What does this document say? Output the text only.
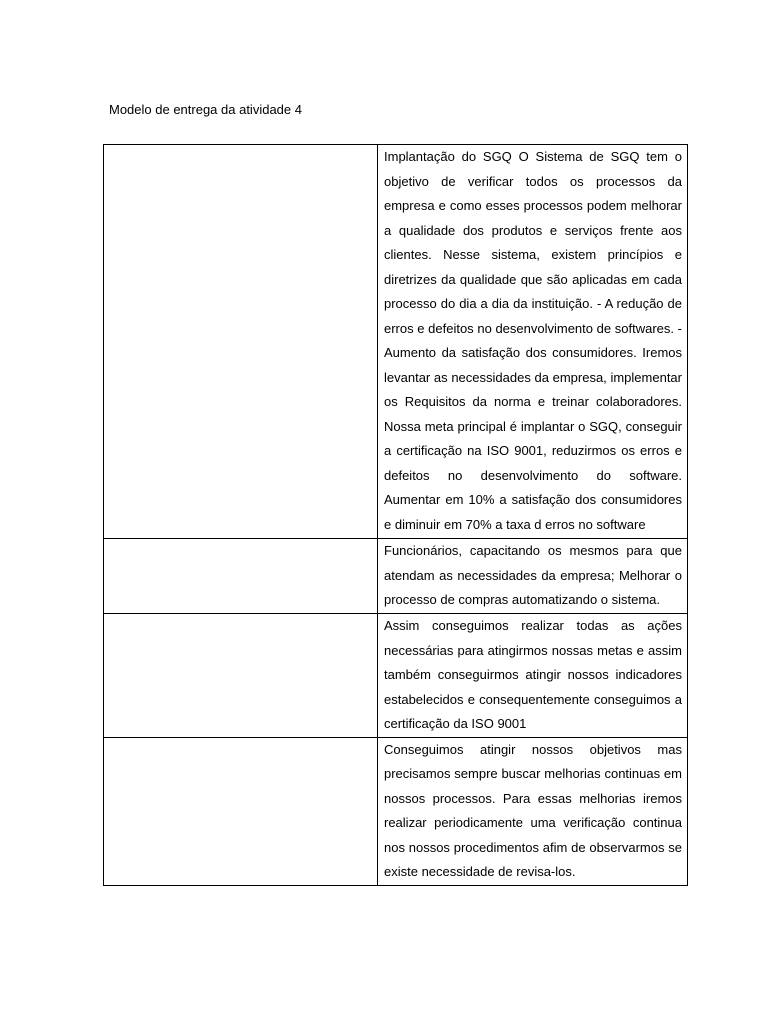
Modelo de entrega da atividade 4

	Implantação do SGQ O Sistema de SGQ tem o objetivo de verificar todos os processos da empresa e como esses processos podem melhorar a qualidade dos produtos e serviços frente aos clientes. Nesse sistema, existem princípios e diretrizes da qualidade que são aplicadas em cada processo do dia a dia da instituição. - A redução de erros e defeitos no desenvolvimento de softwares. - Aumento da satisfação dos consumidores. Iremos levantar as necessidades da empresa, implementar os Requisitos da norma e treinar colaboradores. Nossa meta principal é implantar o SGQ, conseguir a certificação na ISO 9001, reduzirmos os erros e defeitos no desenvolvimento do software. Aumentar em 10% a satisfação dos consumidores e diminuir em 70% a taxa d erros no software

	Funcionários, capacitando os mesmos para que atendam as necessidades da empresa; Melhorar o processo de compras automatizando o sistema.

	Assim conseguimos realizar todas as ações necessárias para atingirmos nossas metas e assim também conseguirmos atingir nossos indicadores estabelecidos e consequentemente conseguimos a certificação da ISO 9001

	Conseguimos atingir nossos objetivos mas precisamos sempre buscar melhorias continuas em nossos processos. Para essas melhorias iremos realizar periodicamente uma verificação continua nos nossos procedimentos afim de observarmos se existe necessidade de revisa-los.
